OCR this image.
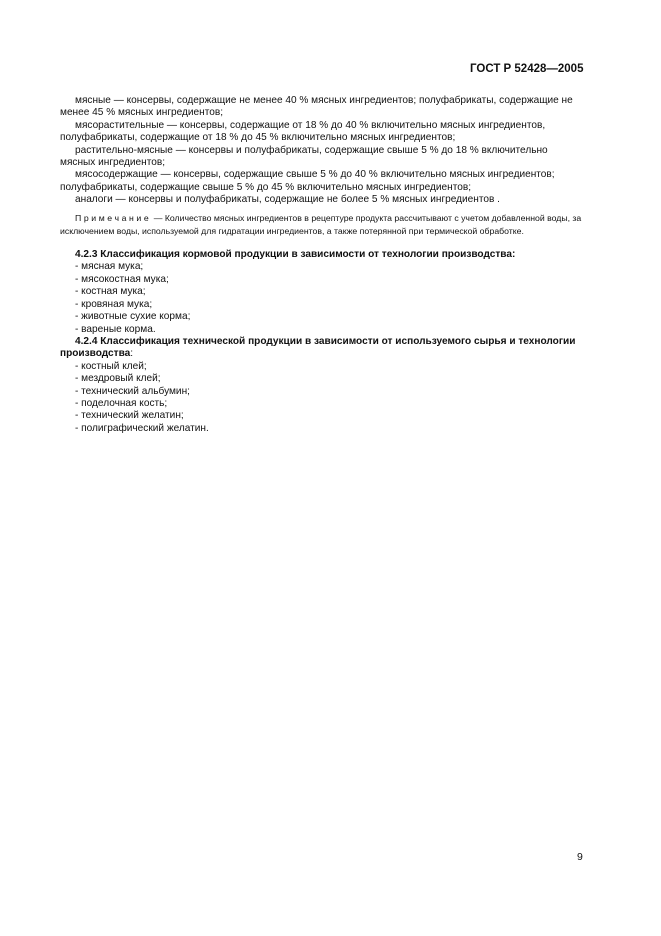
ГОСТ Р 52428—2005

мясные — консервы, содержащие не менее 40 % мясных ингредиентов; полуфабрикаты, содержащие не менее 45 % мясных ингредиентов;

мясорастительные — консервы, содержащие от 18 % до 40 % включительно мясных ингредиентов, полуфабрикаты, содержащие от 18 % до 45 % включительно мясных ингредиентов;

растительно-мясные — консервы и полуфабрикаты, содержащие свыше 5 % до 18 % включительно мясных ингредиентов;

мясосодержащие — консервы, содержащие свыше 5 % до 40 % включительно мясных ингредиентов; полуфабрикаты, содержащие свыше 5 % до 45 % включительно мясных ингредиентов;

аналоги — консервы и полуфабрикаты, содержащие не более 5 % мясных ингредиентов .

Примечание — Количество мясных ингредиентов в рецептуре продукта рассчитывают с учетом добавленной воды, за исключением воды, используемой для гидратации ингредиентов, а также потерянной при термической обработке.

4.2.3 Классификация кормовой продукции в зависимости от технологии производства:

- мясная мука;
- мясокостная мука;
- костная мука;
- кровяная мука;
- животные сухие корма;
- вареные корма.

4.2.4 Классификация технической продукции в зависимости от используемого сырья и технологии производства:

- костный клей;
- мездровый клей;
- технический альбумин;
- поделочная кость;
- технический желатин;
- полиграфический желатин.
9
